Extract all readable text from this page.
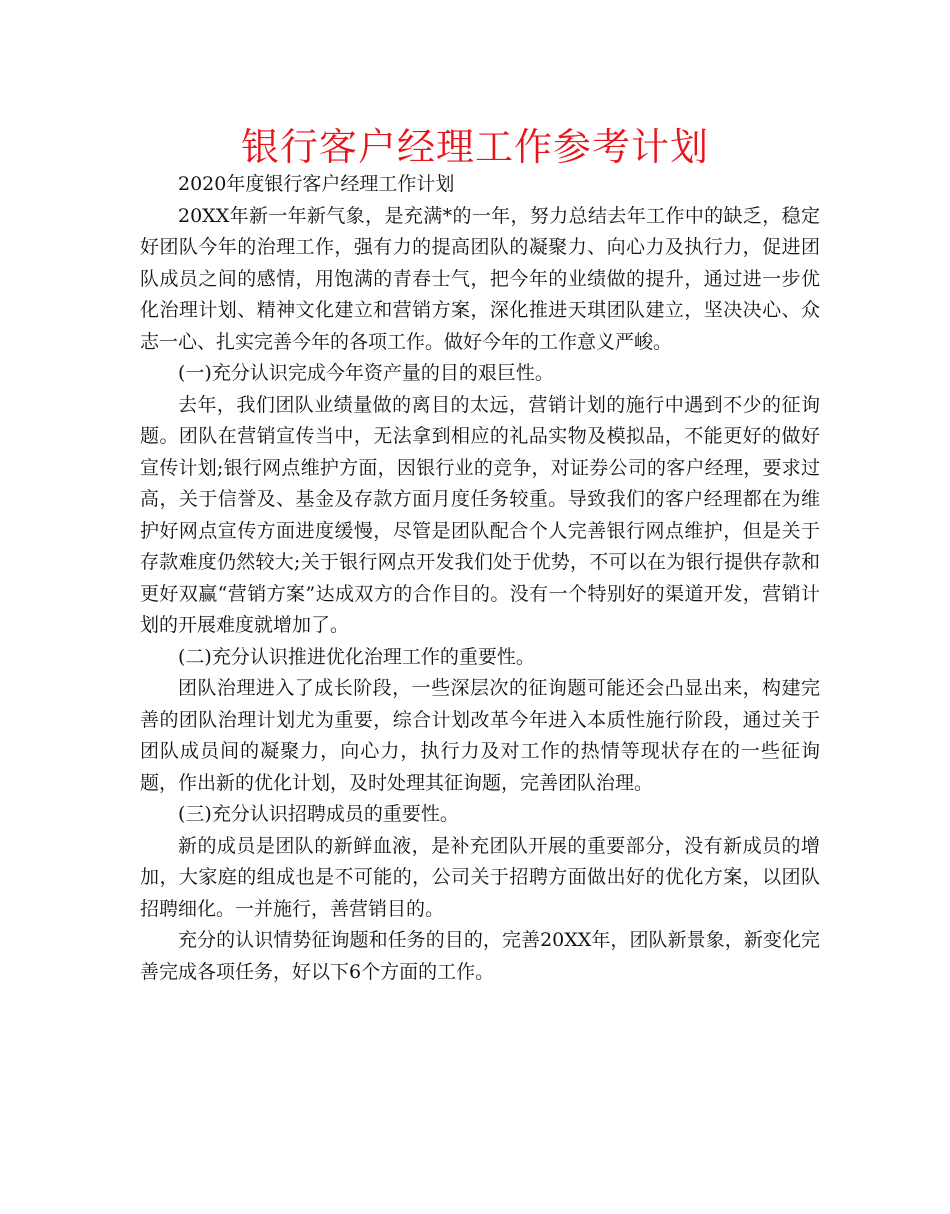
银行客户经理工作参考计划

2020年度银行客户经理工作计划

20XX年新一年新气象，是充满*的一年，努力总结去年工作中的缺乏，稳定好团队今年的治理工作，强有力的提高团队的凝聚力、向心力及执行力，促进团队成员之间的感情，用饱满的青春士气，把今年的业绩做的提升，通过进一步优化治理计划、精神文化建立和营销方案，深化推进天琪团队建立，坚决决心、众志一心、扎实完善今年的各项工作。做好今年的工作意义严峻。

(一)充分认识完成今年资产量的目的艰巨性。

去年，我们团队业绩量做的离目的太远，营销计划的施行中遇到不少的征询题。团队在营销宣传当中，无法拿到相应的礼品实物及模拟品，不能更好的做好宣传计划;银行网点维护方面，因银行业的竞争，对证券公司的客户经理，要求过高，关于信誉及、基金及存款方面月度任务较重。导致我们的客户经理都在为维护好网点宣传方面进度缓慢，尽管是团队配合个人完善银行网点维护，但是关于存款难度仍然较大;关于银行网点开发我们处于优势，不可以在为银行提供存款和更好双赢“营销方案”达成双方的合作目的。没有一个特别好的渠道开发，营销计划的开展难度就增加了。

(二)充分认识推进优化治理工作的重要性。

团队治理进入了成长阶段，一些深层次的征询题可能还会凸显出来，构建完善的团队治理计划尤为重要，综合计划改革今年进入本质性施行阶段，通过关于团队成员间的凝聚力，向心力，执行力及对工作的热情等现状存在的一些征询题，作出新的优化计划，及时处理其征询题，完善团队治理。

(三)充分认识招聘成员的重要性。

新的成员是团队的新鲜血液，是补充团队开展的重要部分，没有新成员的增加，大家庭的组成也是不可能的，公司关于招聘方面做出好的优化方案，以团队招聘细化。一并施行，善营销目的。

充分的认识情势征询题和任务的目的，完善20XX年，团队新景象，新变化完善完成各项任务，好以下6个方面的工作。
